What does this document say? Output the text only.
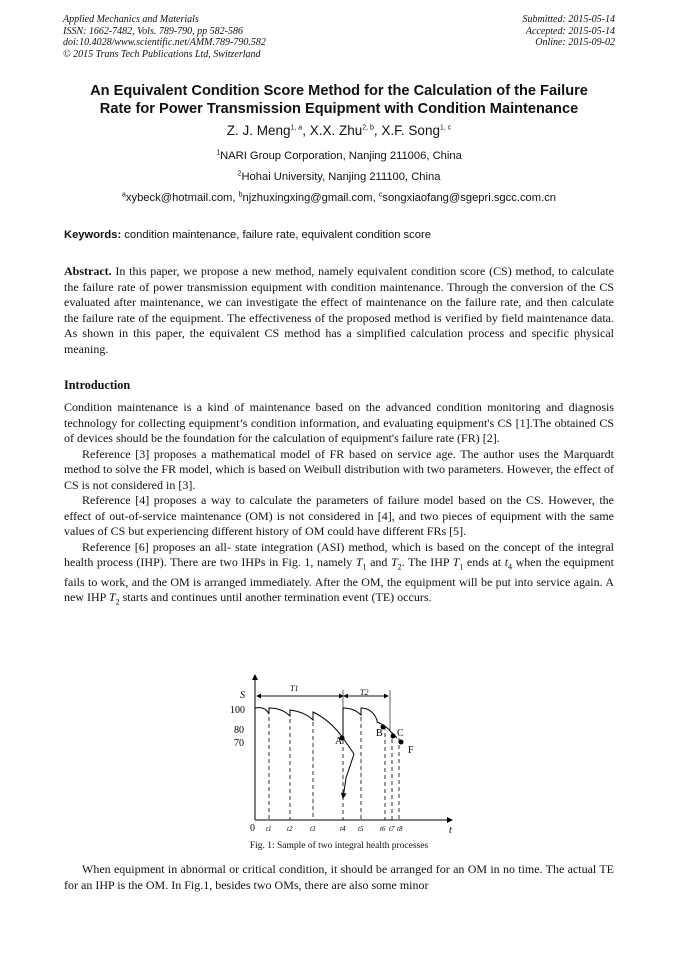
Applied Mechanics and Materials
ISSN: 1662-7482, Vols. 789-790, pp 582-586
doi:10.4028/www.scientific.net/AMM.789-790.582
© 2015 Trans Tech Publications Ltd, Switzerland
Submitted: 2015-05-14
Accepted: 2015-05-14
Online: 2015-09-02
An Equivalent Condition Score Method for the Calculation of the Failure
Rate for Power Transmission Equipment with Condition Maintenance
Z. J. Meng$^{1, a}$, X.X. Zhu$^{2, b}$, X.F. Song$^{1, c}$
$^1$NARI Group Corporation, Nanjing 211006, China
$^2$Hohai University, Nanjing 211100, China
$^a$xybeck@hotmail.com, $^b$njzhuxingxing@gmail.com, $^c$songxiaofang@sgepri.sgcc.com.cn
Keywords: condition maintenance, failure rate, equivalent condition score
Abstract. In this paper, we propose a new method, namely equivalent condition score (CS) method, to calculate the failure rate of power transmission equipment with condition maintenance. Through the conversion of the CS evaluated after maintenance, we can investigate the effect of maintenance on the failure rate, and then calculate the failure rate of the equipment. The effectiveness of the proposed method is verified by field maintenance data. As shown in this paper, the equivalent CS method has a simplified calculation process and specific physical meaning.
Introduction

Condition maintenance is a kind of maintenance based on the advanced condition monitoring and diagnosis technology for collecting equipment’s condition information, and evaluating equipment's CS [1].The obtained CS of devices should be the foundation for the calculation of equipment's failure rate (FR) [2].

Reference [3] proposes a mathematical model of FR based on service age. The author uses the Marquardt method to solve the FR model, which is based on Weibull distribution with two parameters. However, the effect of CS is not considered in [3].

Reference [4] proposes a way to calculate the parameters of failure model based on the CS. However, the effect of out-of-service maintenance (OM) is not considered in [4], and two pieces of equipment with the same values of CS but experiencing different history of OM could have different FRs [5].

Reference [6] proposes an all- state integration (ASI) method, which is based on the concept of the integral health process (IHP). There are two IHPs in Fig. 1, namely $T_1$ and $T_2$. The IHP $T_1$ ends at $t_4$ when the equipment fails to work, and the OM is arranged immediately. After the OM, the equipment will be put into service again. A new IHP $T_2$ starts and continues until another termination event (TE) occurs.

S
t
0
100
80
70
T1	T2
A
B C
F
t1 t2	t3	t4 t5 t6 t7 t8
Fig. 1: Sample of two integral health processes
When equipment in abnormal or critical condition, it should be arranged for an OM in no time. The actual TE for an IHP is the OM. In Fig.1, besides two OMs, there are also some minor
